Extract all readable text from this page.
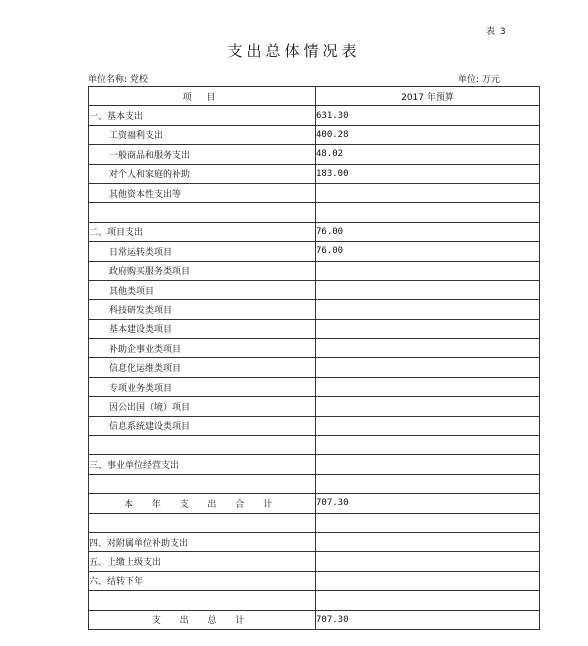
表 3
支出总体情况表
单位名称: 党校	单位: 万元
项 目	2017 年预算
一、基本支出	631.30
工资福利支出	400.28
一般商品和服务支出	48.02
对个人和家庭的补助	183.00
其他资本性支出等	

二、项目支出	76.00
日常运转类项目	76.00
政府购买服务类项目	
其他类项目	
科技研发类项目	
基本建设类项目	
补助企事业类项目	
信息化运维类项目	
专项业务类项目	
因公出国（境）项目	
信息系统建设类项目	

三、事业单位经营支出	

本 年 支 出 合 计	707.30

四、对附属单位补助支出	
五、上缴上级支出	
六、结转下年	

支 出 总 计	707.30
